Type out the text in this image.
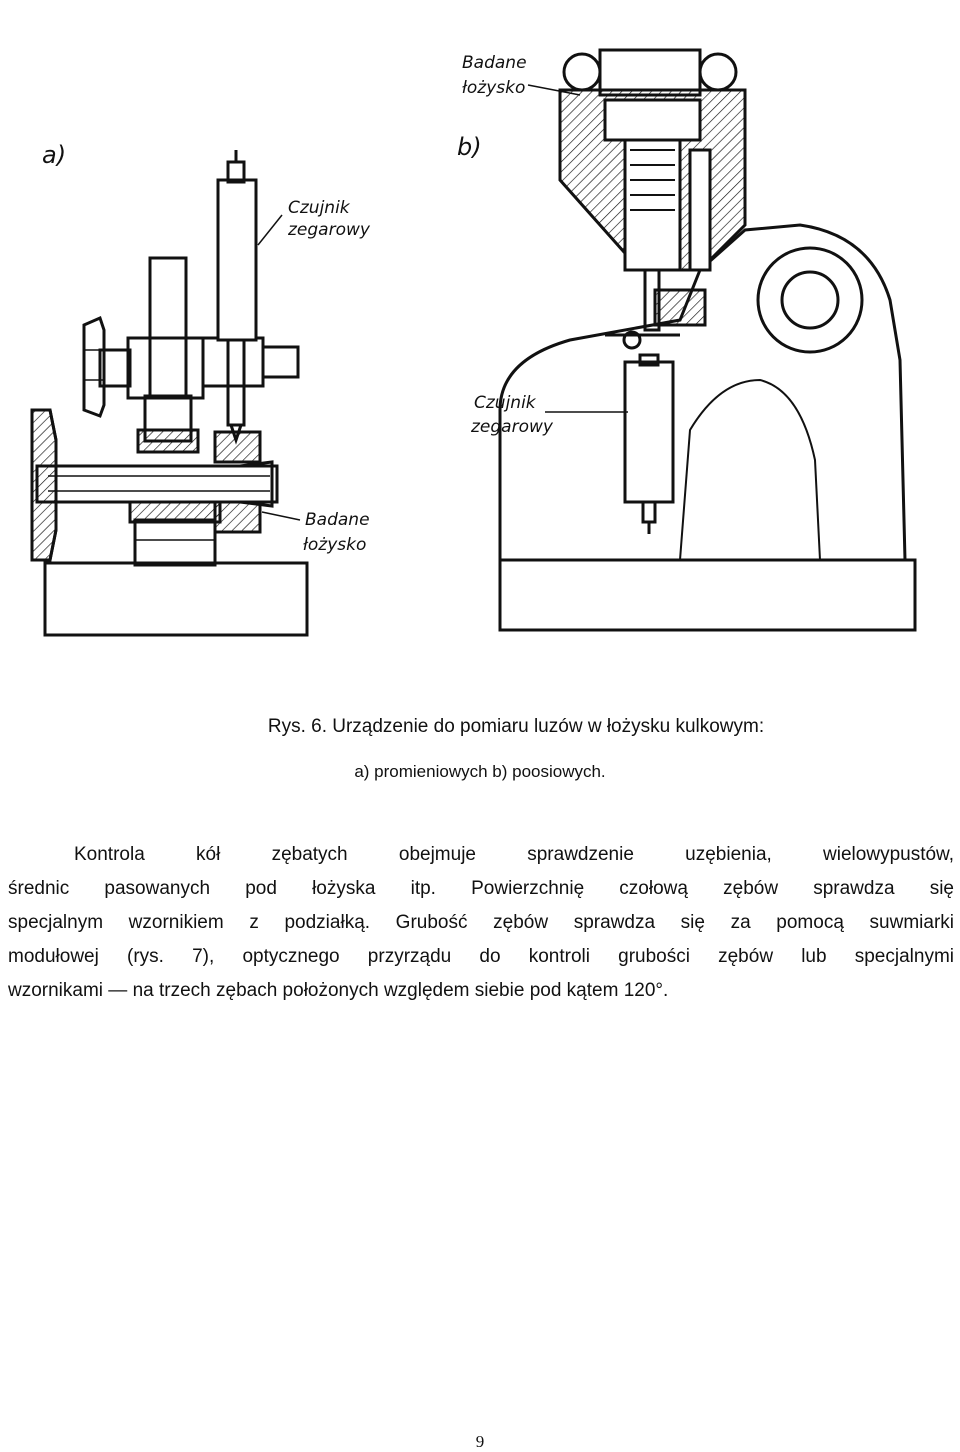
a)	b)
Czujnik
zegarowy
Badane
łożysko
Badane
łożysko
Czujnik
zegarowy
Rys. 6. Urządzenie do pomiaru luzów w łożysku kulkowym:
a) promieniowych b) poosiowych.
Kontrola kół zębatych obejmuje sprawdzenie uzębienia, wielowypustów,
średnic pasowanych pod łożyska itp. Powierzchnię czołową zębów sprawdza się
specjalnym wzornikiem z podziałką. Grubość zębów sprawdza się za pomocą suwmiarki
modułowej (rys. 7), optycznego przyrządu do kontroli grubości zębów lub specjalnymi
wzornikami — na trzech zębach położonych względem siebie pod kątem 120°.
9
